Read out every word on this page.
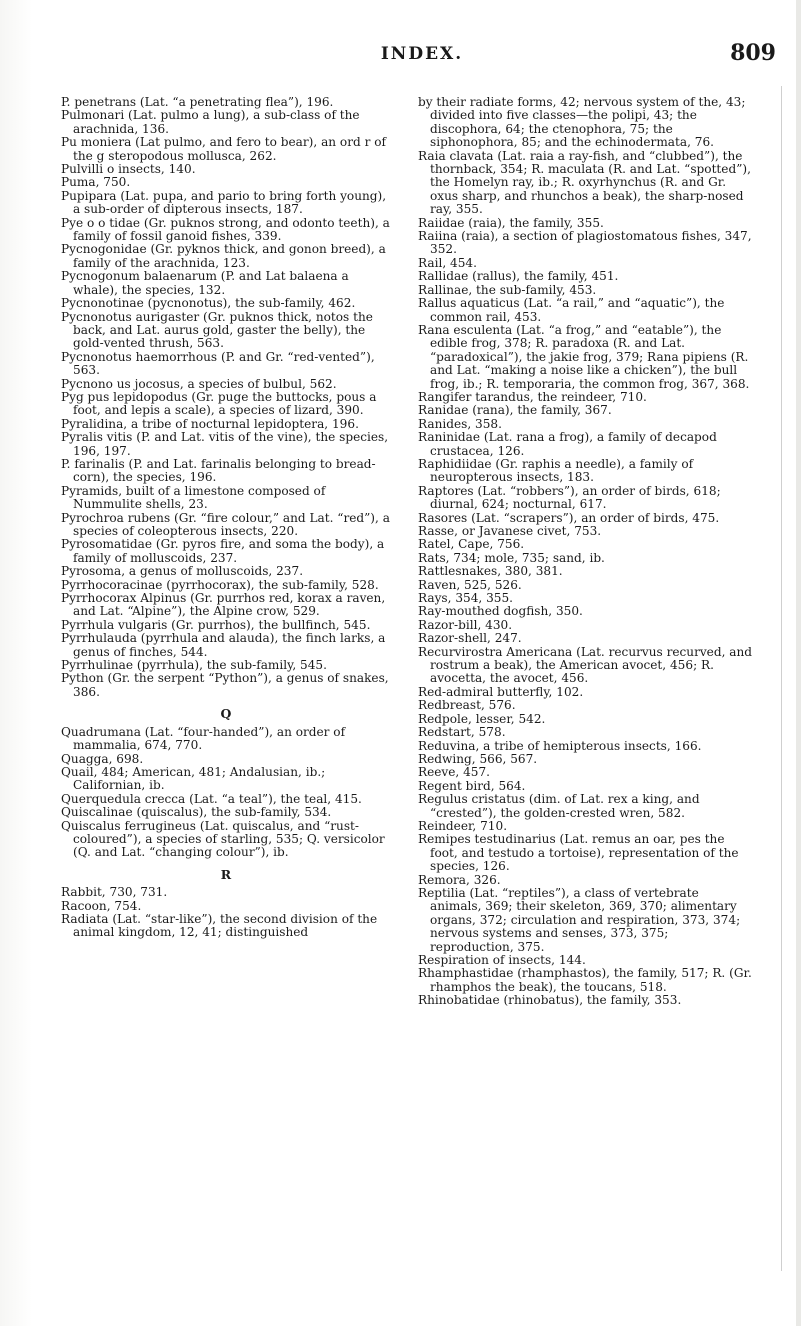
INDEX.	809

P. penetrans (Lat. “a penetrating flea”), 196.

Pulmonari (Lat. pulmo a lung), a sub-class of the arachnida, 136.

Pu moniera (Lat pulmo, and fero to bear), an ord r of the g steropodous mollusca, 262.

Pulvilli o insects, 140.

Puma, 750.

Pupipara (Lat. pupa, and pario to bring forth young), a sub-order of dipterous insects, 187.

Pye o o tidae (Gr. puknos strong, and odonto teeth), a family of fossil ganoid fishes, 339.

Pycnogonidae (Gr. pyknos thick, and gonon breed), a family of the arachnida, 123.

Pycnogonum balaenarum (P. and Lat balaena a whale), the species, 132.

Pycnonotinae (pycnonotus), the sub-family, 462.

Pycnonotus aurigaster (Gr. puknos thick, notos the back, and Lat. aurus gold, gaster the belly), the gold-vented thrush, 563.

Pycnonotus haemorrhous (P. and Gr. “red-vented”), 563.

Pycnono us jocosus, a species of bulbul, 562.

Pyg pus lepidopodus (Gr. puge the buttocks, pous a foot, and lepis a scale), a species of lizard, 390.

Pyralidina, a tribe of nocturnal lepidoptera, 196.

Pyralis vitis (P. and Lat. vitis of the vine), the species, 196, 197.

P. farinalis (P. and Lat. farinalis belonging to bread-corn), the species, 196.

Pyramids, built of a limestone composed of Nummulite shells, 23.

Pyrochroa rubens (Gr. “fire colour,” and Lat. “red”), a species of coleopterous insects, 220.

Pyrosomatidae (Gr. pyros fire, and soma the body), a family of molluscoids, 237.

Pyrosoma, a genus of molluscoids, 237.

Pyrrhocoracinae (pyrrhocorax), the sub-family, 528.

Pyrrhocorax Alpinus (Gr. purrhos red, korax a raven, and Lat. “Alpine”), the Alpine crow, 529.

Pyrrhula vulgaris (Gr. purrhos), the bullfinch, 545.

Pyrrhulauda (pyrrhula and alauda), the finch larks, a genus of finches, 544.

Pyrrhulinae (pyrrhula), the sub-family, 545.

Python (Gr. the serpent “Python”), a genus of snakes, 386.

Q

Quadrumana (Lat. “four-handed”), an order of mammalia, 674, 770.

Quagga, 698.

Quail, 484; American, 481; Andalusian, ib.; Californian, ib.

Querquedula crecca (Lat. “a teal”), the teal, 415.

Quiscalinae (quiscalus), the sub-family, 534.

Quiscalus ferrugineus (Lat. quiscalus, and “rust-coloured”), a species of starling, 535; Q. versicolor (Q. and Lat. “changing colour”), ib.

R

Rabbit, 730, 731.

Racoon, 754.

Radiata (Lat. “star-like”), the second division of the animal kingdom, 12, 41; distinguished

by their radiate forms, 42; nervous system of the, 43; divided into five classes—the polipi, 43; the discophora, 64; the ctenophora, 75; the siphonophora, 85; and the echinodermata, 76.

Raia clavata (Lat. raia a ray-fish, and “clubbed”), the thornback, 354; R. maculata (R. and Lat. “spotted”), the Homelyn ray, ib.; R. oxyrhynchus (R. and Gr. oxus sharp, and rhunchos a beak), the sharp-nosed ray, 355.

Raiidae (raia), the family, 355.

Raiina (raia), a section of plagiostomatous fishes, 347, 352.

Rail, 454.

Rallidae (rallus), the family, 451.

Rallinae, the sub-family, 453.

Rallus aquaticus (Lat. “a rail,” and “aquatic”), the common rail, 453.

Rana esculenta (Lat. “a frog,” and “eatable”), the edible frog, 378; R. paradoxa (R. and Lat. “paradoxical”), the jakie frog, 379; Rana pipiens (R. and Lat. “making a noise like a chicken”), the bull frog, ib.; R. temporaria, the common frog, 367, 368.

Rangifer tarandus, the reindeer, 710.

Ranidae (rana), the family, 367.

Ranides, 358.

Raninidae (Lat. rana a frog), a family of decapod crustacea, 126.

Raphidiidae (Gr. raphis a needle), a family of neuropterous insects, 183.

Raptores (Lat. “robbers”), an order of birds, 618; diurnal, 624; nocturnal, 617.

Rasores (Lat. “scrapers”), an order of birds, 475.

Rasse, or Javanese civet, 753.

Ratel, Cape, 756.

Rats, 734; mole, 735; sand, ib.

Rattlesnakes, 380, 381.

Raven, 525, 526.

Rays, 354, 355.

Ray-mouthed dogfish, 350.

Razor-bill, 430.

Razor-shell, 247.

Recurvirostra Americana (Lat. recurvus recurved, and rostrum a beak), the American avocet, 456; R. avocetta, the avocet, 456.

Red-admiral butterfly, 102.

Redbreast, 576.

Redpole, lesser, 542.

Redstart, 578.

Reduvina, a tribe of hemipterous insects, 166.

Redwing, 566, 567.

Reeve, 457.

Regent bird, 564.

Regulus cristatus (dim. of Lat. rex a king, and “crested”), the golden-crested wren, 582.

Reindeer, 710.

Remipes testudinarius (Lat. remus an oar, pes the foot, and testudo a tortoise), representation of the species, 126.

Remora, 326.

Reptilia (Lat. “reptiles”), a class of vertebrate animals, 369; their skeleton, 369, 370; alimentary organs, 372; circulation and respiration, 373, 374; nervous systems and senses, 373, 375; reproduction, 375.

Respiration of insects, 144.

Rhamphastidae (rhamphastos), the family, 517; R. (Gr. rhamphos the beak), the toucans, 518.

Rhinobatidae (rhinobatus), the family, 353.
